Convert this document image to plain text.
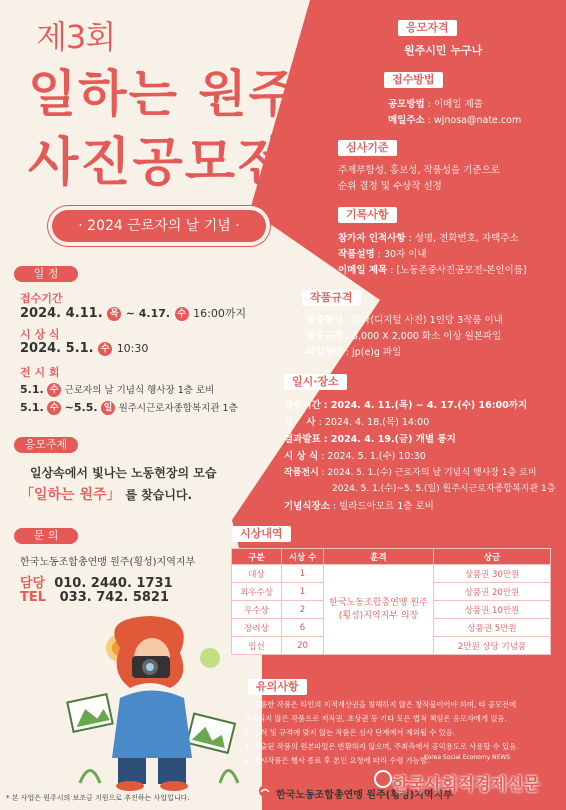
제3회
일하는 원주
사진공모전
· 2024 근로자의 날 기념 ·
일 정
접수기간
2024. 4.11. 목 ~ 4.17. 수 16:00까지
시 상 식
2024. 5.1. 수 10:30
전 시 회
5.1. 수 근로자의 날 기념식 행사장 1층 로비
5.1. 수 ~5.5. 일 원주시근로자종합복지관 1층
응모주제
일상속에서 빛나는 노동현장의 모습
「일하는 원주」 를 찾습니다.
문 의
한국노동조합총연맹 원주(횡성)지역지부
담당 010. 2440. 1731
TEL 033. 742. 5821
응모자격
원주시민 누구나
접수방법
공모방법 : 이메일 제출
메일주소 : wjnosa@nate.com
심사기준
주제부합성, 홍보성, 작품성을 기준으로
순위 결정 및 수상작 선정
기록사항
참가자 인적사항 : 성명, 전화번호, 자택주소
작품설명 : 30자 이내
이메일 제목 : [노동존중사진공모전-본인이름]
작품규격
출품형식 : 칼라(디지털 사진) 1인당 3작품 이내
출품규격 : 3,000 X 2,000 화소 이상 원본파일
파일형태 : jp(e)g 파일
일시·장소
접수기간 : 2024. 4. 11.(목) ~ 4. 17.(수) 16:00까지
심    사 : 2024. 4. 18.(목) 14:00
결과발표 : 2024. 4. 19.(금) 개별 통지
시 상 식 : 2024. 5. 1.(수) 10:30
작품전시 : 2024. 5. 1.(수) 근로자의 날 기념식 행사장 1층 로비
2024. 5. 1.(수)~5. 5.(일) 원주시근로자종합복지관 1층
기념식장소 : 빌라드아모르 1층 로비
시상내역
구분	시상 수	훈격	상금
대상	1	한국노동조합총연맹 원주(횡성)지역지부 의장	상품권 30만원
최우수상	1		상품권 20만원
우수상	2		상품권 10만원
장려상	6		상품권 5만원
입선	20		2만원 상당 기념품
유의사항
1. 출품한 작품은 타인의 지적재산권을 침해하지 않은 창작물이어야 하며, 타 공모전에
출품되지 않은 작품으로 저작권, 초상권 등 기타 모든 법적 책임은 응모자에게 있음.
2. 형식 및 규격에 맞지 않는 작품은 심사 단계에서 제외될 수 있음.
3. 제출된 작품의 원본파일은 반환하지 않으며, 주최측에서 공익용도로 사용할 수 있음.
4. 전시작품은 행사 종료 후 본인 요청에 따라 수령 가능함.
* 본 사업은 원주시의 보조금 지원으로 추진하는 사업입니다.	한국노동조합총연맹 원주(횡성)지역지부
Korea Social Economy NEWS
한국사회적경제신문
